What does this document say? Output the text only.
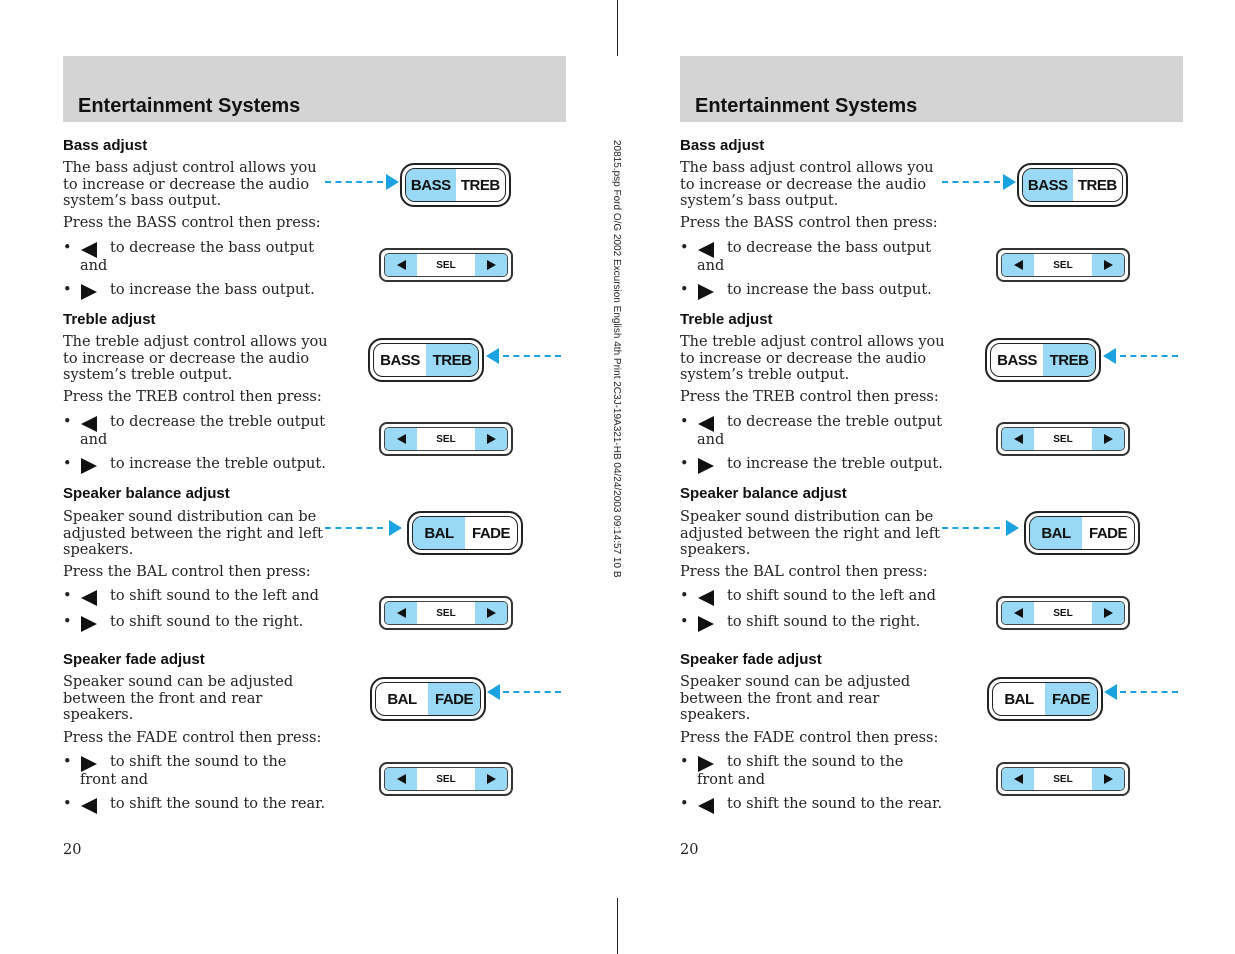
20815.psp Ford O/G 2002 Excursion English 4th Print 2C3J-19A321-HB 04/24/2003 09:14:57 10 B
Entertainment Systems
Bass adjust
The bass adjust control allows you
to increase or decrease the audio
system’s bass output.
Press the BASS control then press:
•	to decrease the bass output
and
•	to increase the bass output.
Treble adjust
The treble adjust control allows you
to increase or decrease the audio
system’s treble output.
Press the TREB control then press:
•	to decrease the treble output
and
•	to increase the treble output.
Speaker balance adjust
Speaker sound distribution can be
adjusted between the right and left
speakers.
Press the BAL control then press:
•	to shift sound to the left and
•	to shift sound to the right.
Speaker fade adjust
Speaker sound can be adjusted
between the front and rear
speakers.
Press the FADE control then press:
•	to shift the sound to the
front and
•	to shift the sound to the rear.
BASS TREB
SEL
BASS TREB
SEL
BAL	FADE
SEL
BAL	FADE
SEL
20
Entertainment Systems
Bass adjust
The bass adjust control allows you
to increase or decrease the audio
system’s bass output.
Press the BASS control then press:
•	to decrease the bass output
and
•	to increase the bass output.
Treble adjust
The treble adjust control allows you
to increase or decrease the audio
system’s treble output.
Press the TREB control then press:
•	to decrease the treble output
and
•	to increase the treble output.
Speaker balance adjust
Speaker sound distribution can be
adjusted between the right and left
speakers.
Press the BAL control then press:
•	to shift sound to the left and
•	to shift sound to the right.
Speaker fade adjust
Speaker sound can be adjusted
between the front and rear
speakers.
Press the FADE control then press:
•	to shift the sound to the
front and
•	to shift the sound to the rear.
BASS TREB
SEL
BASS TREB
SEL
BAL	FADE
SEL
BAL	FADE
SEL
20
